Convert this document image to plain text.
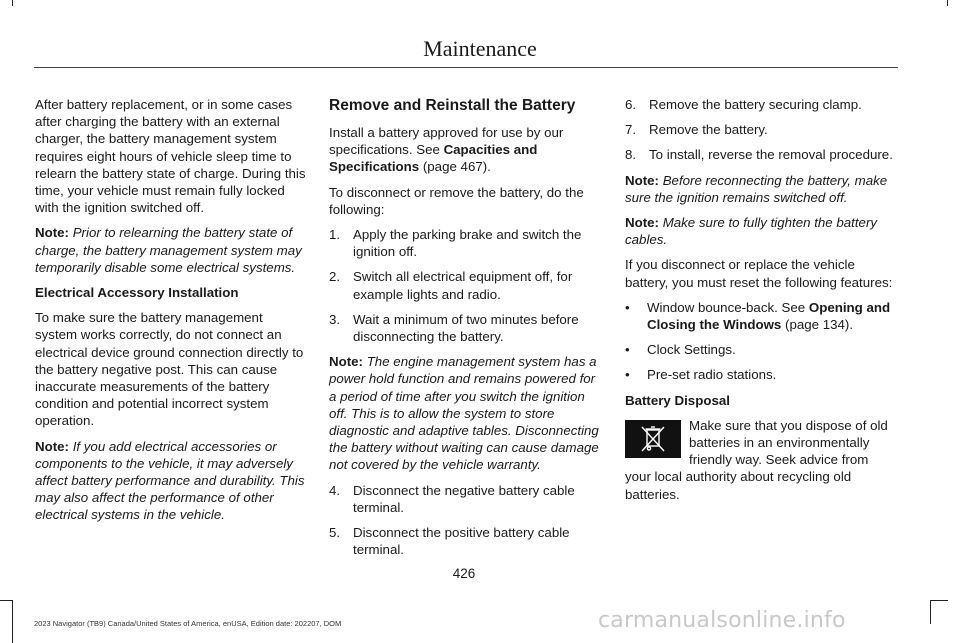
Maintenance

After battery replacement, or in some cases after charging the battery with an external charger, the battery management system requires eight hours of vehicle sleep time to relearn the battery state of charge. During this time, your vehicle must remain fully locked with the ignition switched off.

Note: Prior to relearning the battery state of charge, the battery management system may temporarily disable some electrical systems.

Electrical Accessory Installation

To make sure the battery management system works correctly, do not connect an electrical device ground connection directly to the battery negative post. This can cause inaccurate measurements of the battery condition and potential incorrect system operation.

Note: If you add electrical accessories or components to the vehicle, it may adversely affect battery performance and durability. This may also affect the performance of other electrical systems in the vehicle.

Remove and Reinstall the Battery

Install a battery approved for use by our specifications. See Capacities and Specifications (page 467).

To disconnect or remove the battery, do the following:

1. Apply the parking brake and switch the ignition off.
2. Switch all electrical equipment off, for example lights and radio.
3. Wait a minimum of two minutes before disconnecting the battery.

Note: The engine management system has a power hold function and remains powered for a period of time after you switch the ignition off. This is to allow the system to store diagnostic and adaptive tables. Disconnecting the battery without waiting can cause damage not covered by the vehicle warranty.

4. Disconnect the negative battery cable terminal.
5. Disconnect the positive battery cable terminal.
6. Remove the battery securing clamp.
7. Remove the battery.
8. To install, reverse the removal procedure.

Note: Before reconnecting the battery, make sure the ignition remains switched off.

Note: Make sure to fully tighten the battery cables.

If you disconnect or replace the vehicle battery, you must reset the following features:

•	Window bounce-back. See Opening and Closing the Windows (page 134).
•	Clock Settings.
•	Pre-set radio stations.

Battery Disposal

Make sure that you dispose of old batteries in an environmentally friendly way. Seek advice from your local authority about recycling old batteries.
426
2023 Navigator (TB9) Canada/United States of America, enUSA, Edition date: 202207, DOM	carmanualsonline.info
